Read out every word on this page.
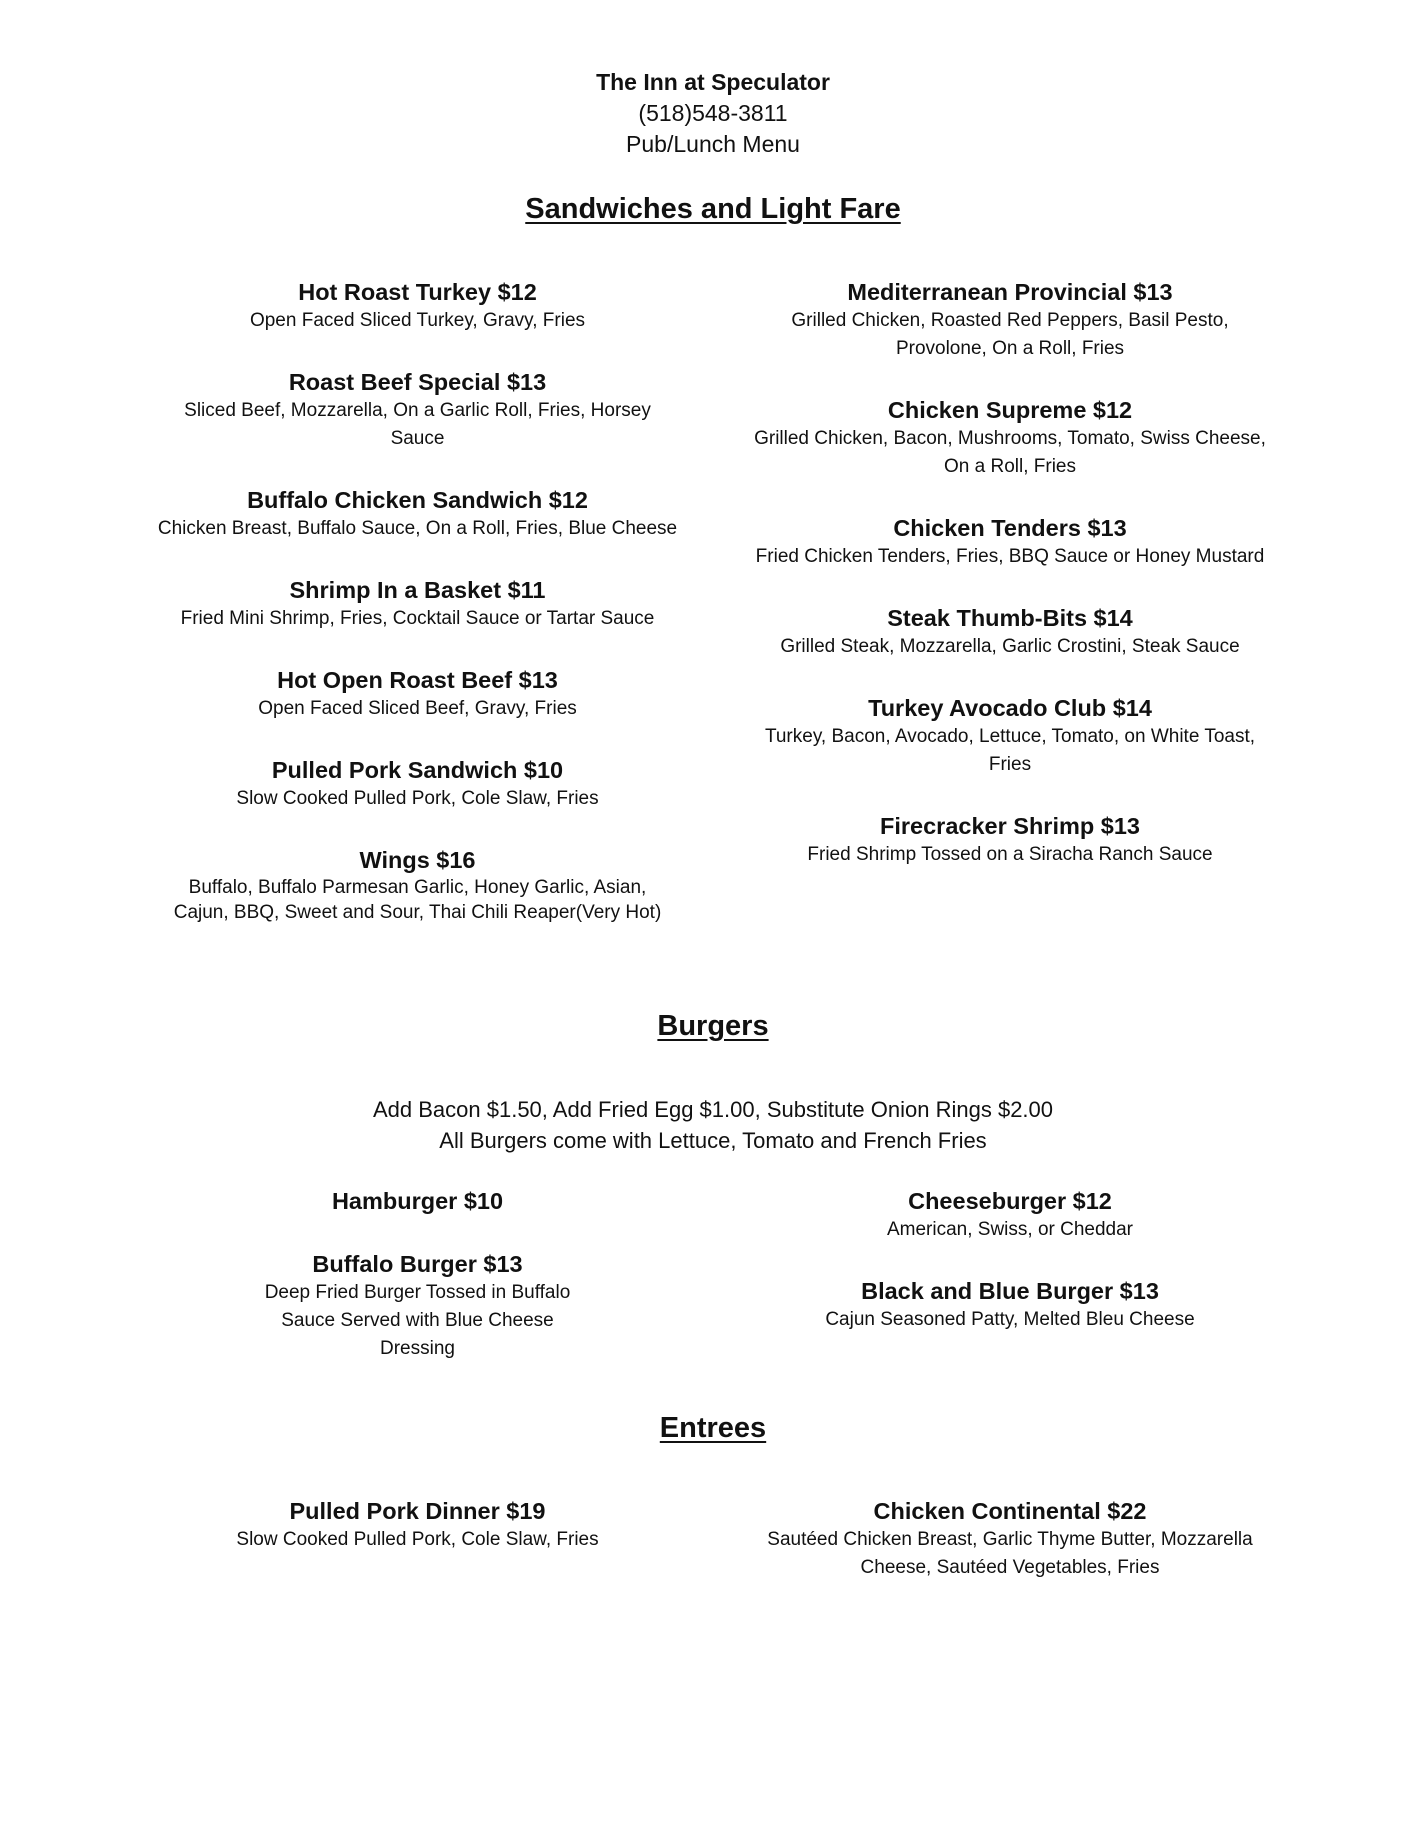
The Inn at Speculator
(518)548-3811
Pub/Lunch Menu
Sandwiches and Light Fare
Hot Roast Turkey $12
Open Faced Sliced Turkey, Gravy, Fries
Roast Beef Special $13
Sliced Beef, Mozzarella, On a Garlic Roll, Fries, Horsey Sauce
Buffalo Chicken Sandwich $12
Chicken Breast, Buffalo Sauce, On a Roll, Fries, Blue Cheese
Shrimp In a Basket $11
Fried Mini Shrimp, Fries, Cocktail Sauce or Tartar Sauce
Hot Open Roast Beef $13
Open Faced Sliced Beef, Gravy, Fries
Pulled Pork Sandwich $10
Slow Cooked Pulled Pork, Cole Slaw, Fries
Wings $16
Buffalo, Buffalo Parmesan Garlic, Honey Garlic, Asian, Cajun, BBQ, Sweet and Sour, Thai Chili Reaper(Very Hot)
Mediterranean Provincial $13
Grilled Chicken, Roasted Red Peppers, Basil Pesto, Provolone, On a Roll, Fries
Chicken Supreme $12
Grilled Chicken, Bacon, Mushrooms, Tomato, Swiss Cheese, On a Roll, Fries
Chicken Tenders $13
Fried Chicken Tenders, Fries, BBQ Sauce or Honey Mustard
Steak Thumb-Bits $14
Grilled Steak, Mozzarella, Garlic Crostini, Steak Sauce
Turkey Avocado Club $14
Turkey, Bacon, Avocado, Lettuce, Tomato, on White Toast, Fries
Firecracker Shrimp $13
Fried Shrimp Tossed on a Siracha Ranch Sauce
Burgers
Add Bacon $1.50, Add Fried Egg $1.00, Substitute Onion Rings $2.00
All Burgers come with Lettuce, Tomato and French Fries
Hamburger $10
Buffalo Burger $13
Deep Fried Burger Tossed in Buffalo Sauce Served with Blue Cheese Dressing
Cheeseburger $12
American, Swiss, or Cheddar
Black and Blue Burger $13
Cajun Seasoned Patty, Melted Bleu Cheese
Entrees
Pulled Pork Dinner $19
Slow Cooked Pulled Pork, Cole Slaw, Fries
Chicken Continental $22
Sautéed Chicken Breast, Garlic Thyme Butter, Mozzarella Cheese, Sautéed Vegetables, Fries
